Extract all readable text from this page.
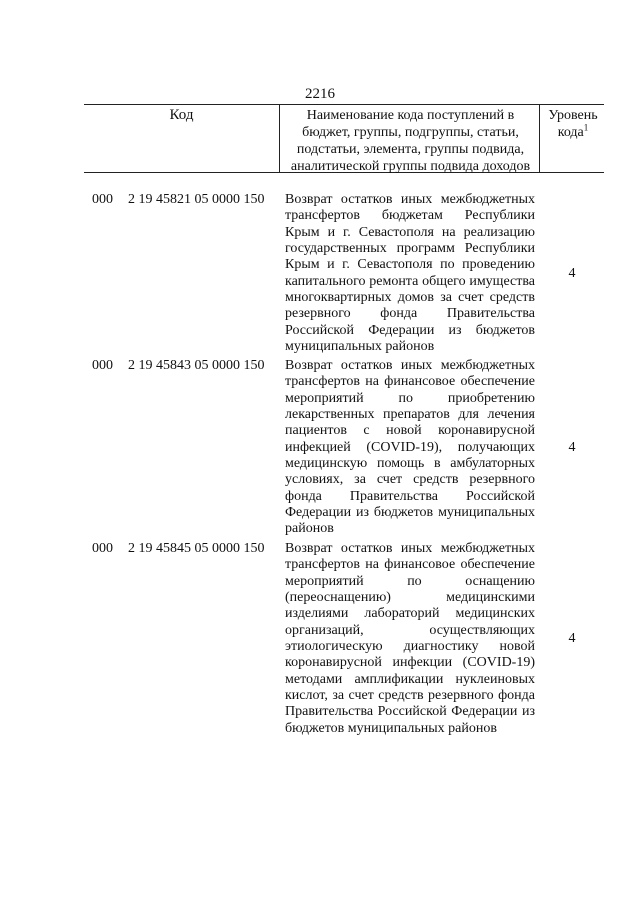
2216
Код	Наименование кода поступлений в бюджет, группы, подгруппы, статьи, подстатьи, элемента, группы подвида, аналитической группы подвида доходов
Уровень кода$^1$
000 2 19 45821 05 0000 150 Возврат остатков иных межбюджетных трансфертов бюджетам Республики Крым и г. Севастополя на реализацию государственных программ Республики Крым и г. Севастополя по проведению капитального ремонта общего имущества многоквартирных домов за счет средств резервного фонда Правительства Российской Федерации из бюджетов муниципальных районов
4
000 2 19 45843 05 0000 150 Возврат остатков иных межбюджетных трансфертов на финансовое обеспечение мероприятий по приобретению лекарственных препаратов для лечения пациентов с новой коронавирусной инфекцией (COVID-19), получающих медицинскую помощь в амбулаторных условиях, за счет средств резервного фонда Правительства Российской Федерации из бюджетов муниципальных районов
4
000 2 19 45845 05 0000 150 Возврат остатков иных межбюджетных трансфертов на финансовое обеспечение мероприятий по оснащению (переоснащению) медицинскими изделиями лабораторий медицинских организаций, осуществляющих этиологическую диагностику новой коронавирусной инфекции (COVID-19) методами амплификации нуклеиновых кислот, за счет средств резервного фонда Правительства Российской Федерации из бюджетов муниципальных районов
4
